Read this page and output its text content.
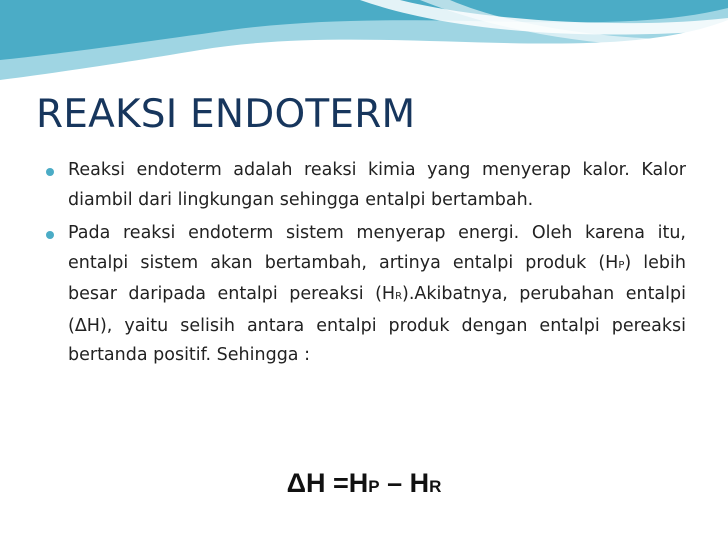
REAKSI ENDOTERM
Reaksi endoterm adalah reaksi kimia yang menyerap kalor. Kalor diambil dari lingkungan sehingga entalpi bertambah.
Pada reaksi endoterm sistem menyerap energi. Oleh karena itu, entalpi sistem akan bertambah, artinya entalpi produk (HP) lebih besar daripada entalpi pereaksi (HR).Akibatnya, perubahan entalpi (ΔH), yaitu selisih antara entalpi produk dengan entalpi pereaksi bertanda positif. Sehingga :
ΔH =HP – HR
